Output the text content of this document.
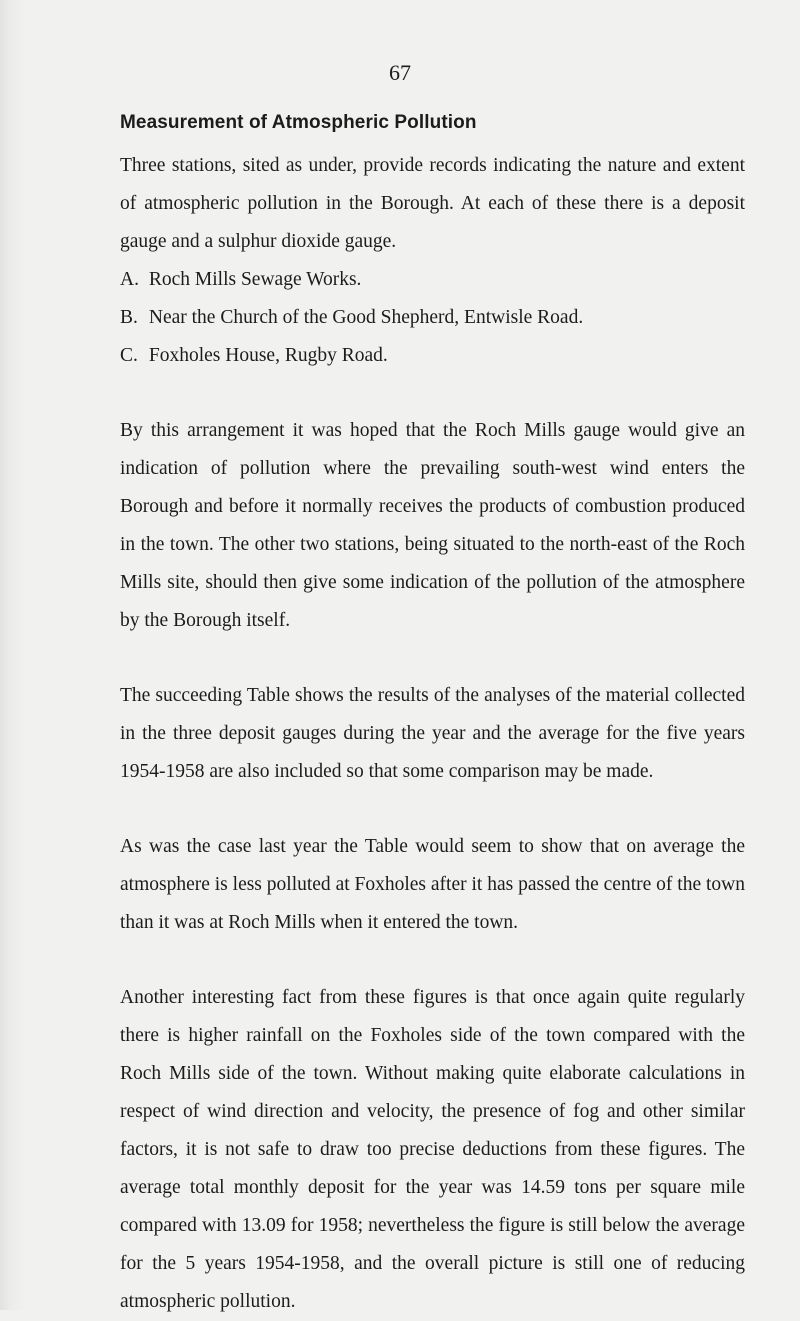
67
Measurement of Atmospheric Pollution

Three stations, sited as under, provide records indicating the nature and extent of atmospheric pollution in the Borough. At each of these there is a deposit gauge and a sulphur dioxide gauge.

A. Roch Mills Sewage Works.
B. Near the Church of the Good Shepherd, Entwisle Road.
C. Foxholes House, Rugby Road.

By this arrangement it was hoped that the Roch Mills gauge would give an indication of pollution where the prevailing south-west wind enters the Borough and before it normally receives the products of combustion produced in the town. The other two stations, being situated to the north-east of the Roch Mills site, should then give some indication of the pollution of the atmosphere by the Borough itself.

The succeeding Table shows the results of the analyses of the material collected in the three deposit gauges during the year and the average for the five years 1954-1958 are also included so that some comparison may be made.

As was the case last year the Table would seem to show that on average the atmosphere is less polluted at Foxholes after it has passed the centre of the town than it was at Roch Mills when it entered the town.

Another interesting fact from these figures is that once again quite regularly there is higher rainfall on the Foxholes side of the town compared with the Roch Mills side of the town. Without making quite elaborate calculations in respect of wind direction and velocity, the presence of fog and other similar factors, it is not safe to draw too precise deductions from these figures. The average total monthly deposit for the year was 14.59 tons per square mile compared with 13.09 for 1958; nevertheless the figure is still below the average for the 5 years 1954-1958, and the overall picture is still one of reducing atmospheric pollution.
